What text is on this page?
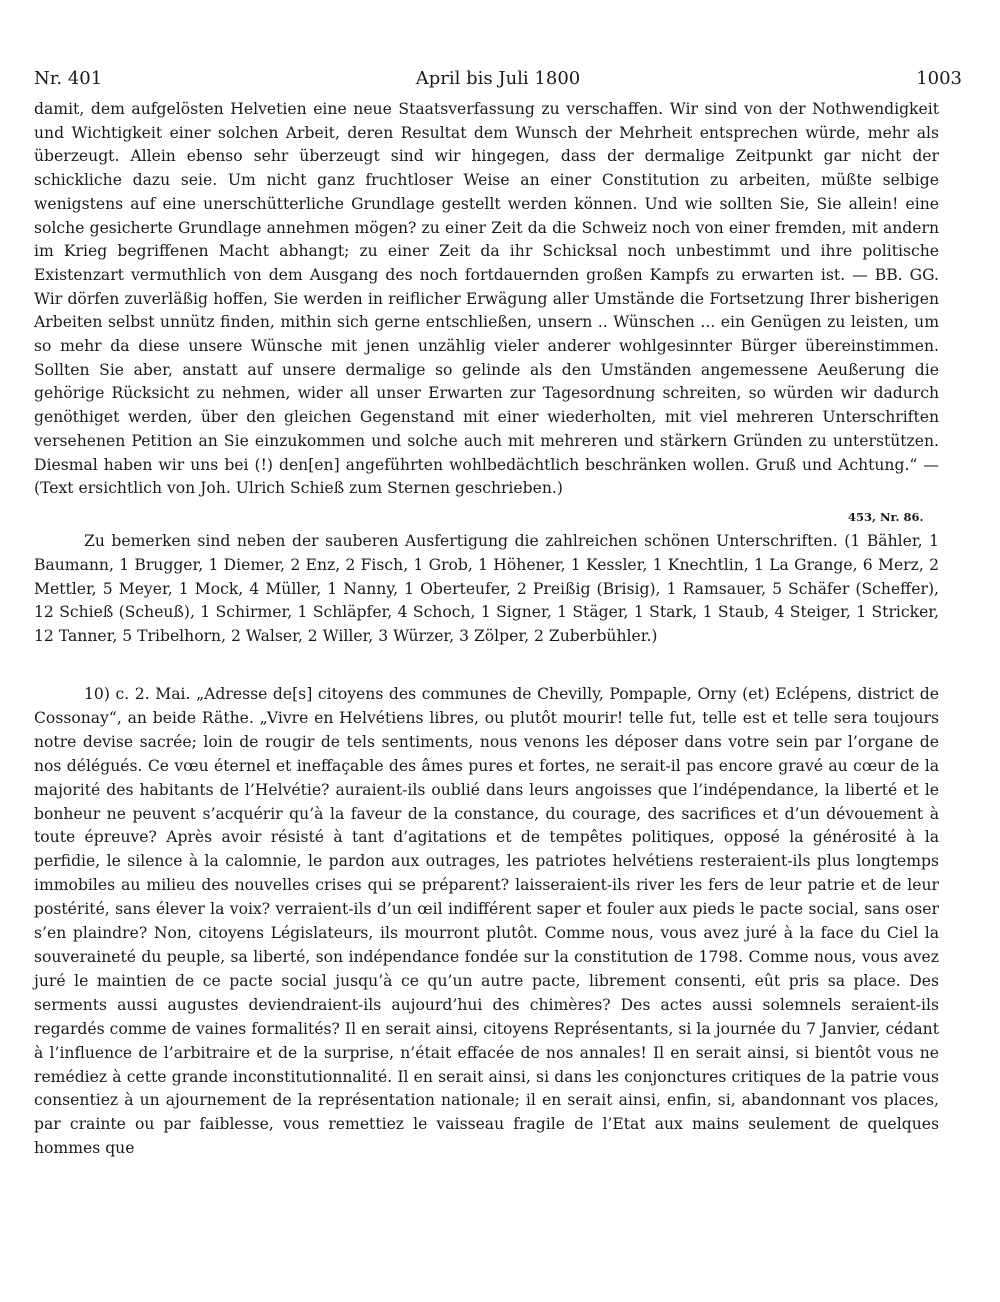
Nr. 401	April bis Juli 1800	1003

damit, dem aufgelösten Helvetien eine neue Staatsverfassung zu verschaffen. Wir sind von der Nothwendigkeit und Wichtigkeit einer solchen Arbeit, deren Resultat dem Wunsch der Mehrheit entsprechen würde, mehr als überzeugt. Allein ebenso sehr überzeugt sind wir hingegen, dass der dermalige Zeitpunkt gar nicht der schickliche dazu seie. Um nicht ganz fruchtloser Weise an einer Constitution zu arbeiten, müßte selbige wenigstens auf eine unerschütterliche Grundlage gestellt werden können. Und wie sollten Sie, Sie allein! eine solche gesicherte Grundlage annehmen mögen? zu einer Zeit da die Schweiz noch von einer fremden, mit andern im Krieg begriffenen Macht abhangt; zu einer Zeit da ihr Schicksal noch unbestimmt und ihre politische Existenzart vermuthlich von dem Ausgang des noch fortdauernden großen Kampfs zu erwarten ist. — BB. GG. Wir dörfen zuverläßig hoffen, Sie werden in reiflicher Erwägung aller Umstände die Fortsetzung Ihrer bisherigen Arbeiten selbst unnütz finden, mithin sich gerne entschließen, unsern .. Wünschen ... ein Genügen zu leisten, um so mehr da diese unsere Wünsche mit jenen unzählig vieler anderer wohlgesinnter Bürger übereinstimmen. Sollten Sie aber, anstatt auf unsere dermalige so gelinde als den Umständen angemessene Aeußerung die gehörige Rücksicht zu nehmen, wider all unser Erwarten zur Tagesordnung schreiten, so würden wir dadurch genöthiget werden, über den gleichen Gegenstand mit einer wiederholten, mit viel mehreren Unterschriften versehenen Petition an Sie einzukommen und solche auch mit mehreren und stärkern Gründen zu unterstützen. Diesmal haben wir uns bei (!) den[en] angeführten wohlbedächtlich beschränken wollen. Gruß und Achtung.“ — (Text ersichtlich von Joh. Ulrich Schieß zum Sternen geschrieben.)

453, Nr. 86.

Zu bemerken sind neben der sauberen Ausfertigung die zahlreichen schönen Unterschriften. (1 Bähler, 1 Baumann, 1 Brugger, 1 Diemer, 2 Enz, 2 Fisch, 1 Grob, 1 Höhener, 1 Kessler, 1 Knechtlin, 1 La Grange, 6 Merz, 2 Mettler, 5 Meyer, 1 Mock, 4 Müller, 1 Nanny, 1 Oberteufer, 2 Preißig (Brisig), 1 Ramsauer, 5 Schäfer (Scheffer), 12 Schieß (Scheuß), 1 Schirmer, 1 Schläpfer, 4 Schoch, 1 Signer, 1 Stäger, 1 Stark, 1 Staub, 4 Steiger, 1 Stricker, 12 Tanner, 5 Tribelhorn, 2 Walser, 2 Willer, 3 Würzer, 3 Zölper, 2 Zuberbühler.)

10) c. 2. Mai. „Adresse de[s] citoyens des communes de Chevilly, Pompaple, Orny (et) Eclépens, district de Cossonay“, an beide Räthe. „Vivre en Helvétiens libres, ou plutôt mourir! telle fut, telle est et telle sera toujours notre devise sacrée; loin de rougir de tels sentiments, nous venons les déposer dans votre sein par l’organe de nos délégués. Ce vœu éternel et ineffaçable des âmes pures et fortes, ne serait-il pas encore gravé au cœur de la majorité des habitants de l’Helvétie? auraient-ils oublié dans leurs angoisses que l’indépendance, la liberté et le bonheur ne peuvent s’acquérir qu’à la faveur de la constance, du courage, des sacrifices et d’un dévouement à toute épreuve? Après avoir résisté à tant d’agitations et de tempêtes politiques, opposé la générosité à la perfidie, le silence à la calomnie, le pardon aux outrages, les patriotes helvétiens resteraient-ils plus longtemps immobiles au milieu des nouvelles crises qui se préparent? laisseraient-ils river les fers de leur patrie et de leur postérité, sans élever la voix? verraient-ils d’un œil indifférent saper et fouler aux pieds le pacte social, sans oser s’en plaindre? Non, citoyens Législateurs, ils mourront plutôt. Comme nous, vous avez juré à la face du Ciel la souveraineté du peuple, sa liberté, son indépendance fondée sur la constitution de 1798. Comme nous, vous avez juré le maintien de ce pacte social jusqu’à ce qu’un autre pacte, librement consenti, eût pris sa place. Des serments aussi augustes deviendraient-ils aujourd’hui des chimères? Des actes aussi solemnels seraient-ils regardés comme de vaines formalités? Il en serait ainsi, citoyens Représentants, si la journée du 7 Janvier, cédant à l’influence de l’arbitraire et de la surprise, n’était effacée de nos annales! Il en serait ainsi, si bientôt vous ne remédiez à cette grande inconstitutionnalité. Il en serait ainsi, si dans les conjonctures critiques de la patrie vous consentiez à un ajournement de la représentation nationale; il en serait ainsi, enfin, si, abandonnant vos places, par crainte ou par faiblesse, vous remettiez le vaisseau fragile de l’Etat aux mains seulement de quelques hommes que
